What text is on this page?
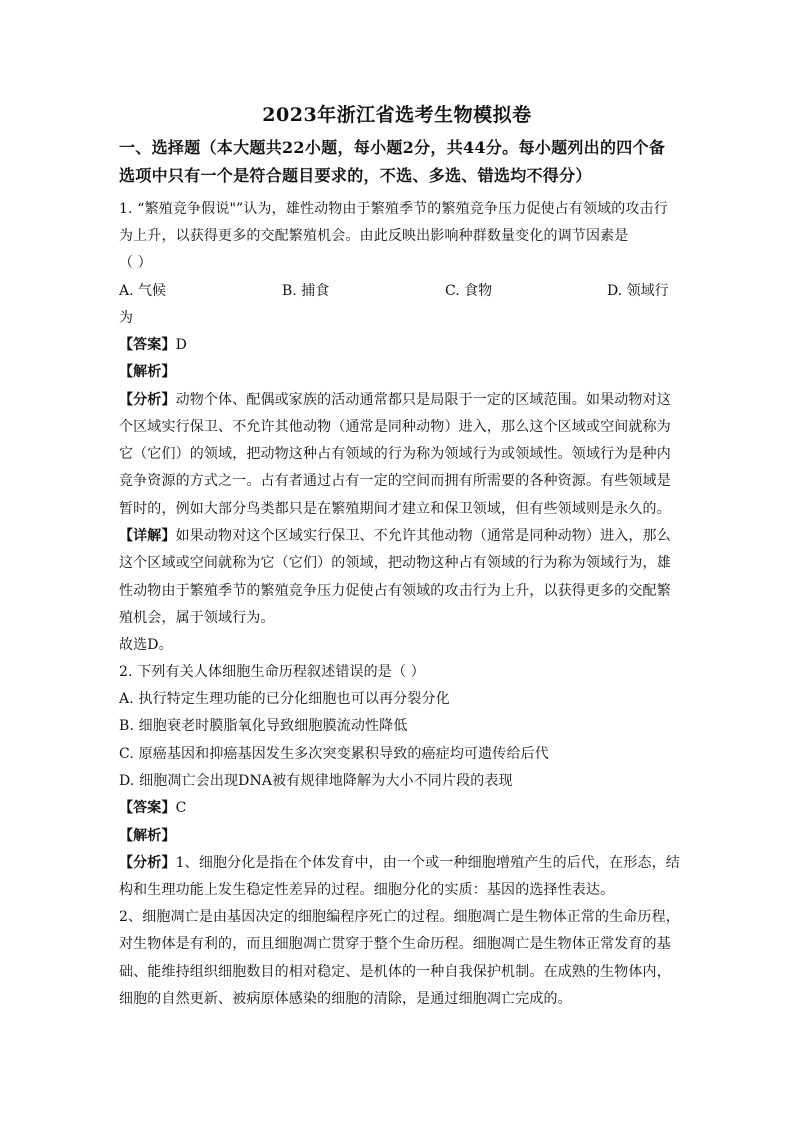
2023年浙江省选考生物模拟卷
一、选择题（本大题共22小题，每小题2分，共44分。每小题列出的四个备
选项中只有一个是符合题目要求的，不选、多选、错选均不得分）
1. “繁殖竞争假说"”认为，雄性动物由于繁殖季节的繁殖竞争压力促使占有领域的攻击行
为上升，以获得更多的交配繁殖机会。由此反映出影响种群数量变化的调节因素是
（ ）
A. 气候	B. 捕食	C. 食物	D. 领域行
为
【答案】D
【解析】
【分析】动物个体、配偶或家族的活动通常都只是局限于一定的区域范围。如果动物对这
个区域实行保卫、不允许其他动物（通常是同种动物）进入，那么这个区域或空间就称为
它（它们）的领域，把动物这种占有领域的行为称为领域行为或领域性。领域行为是种内
竞争资源的方式之一。占有者通过占有一定的空间而拥有所需要的各种资源。有些领域是
暂时的，例如大部分鸟类都只是在繁殖期间才建立和保卫领域，但有些领域则是永久的。
【详解】如果动物对这个区域实行保卫、不允许其他动物（通常是同种动物）进入，那么
这个区域或空间就称为它（它们）的领域，把动物这种占有领域的行为称为领域行为，雄
性动物由于繁殖季节的繁殖竞争压力促使占有领域的攻击行为上升，以获得更多的交配繁
殖机会，属于领域行为。
故选D。
2. 下列有关人体细胞生命历程叙述错误的是（ ）
A. 执行特定生理功能的已分化细胞也可以再分裂分化
B. 细胞衰老时膜脂氧化导致细胞膜流动性降低
C. 原癌基因和抑癌基因发生多次突变累积导致的癌症均可遗传给后代
D. 细胞凋亡会出现DNA被有规律地降解为大小不同片段的表现
【答案】C
【解析】
【分析】1、细胞分化是指在个体发育中，由一个或一种细胞增殖产生的后代，在形态，结
构和生理功能上发生稳定性差异的过程。细胞分化的实质：基因的选择性表达。
2、细胞凋亡是由基因决定的细胞编程序死亡的过程。细胞凋亡是生物体正常的生命历程，
对生物体是有利的，而且细胞凋亡贯穿于整个生命历程。细胞凋亡是生物体正常发育的基
础、能维持组织细胞数目的相对稳定、是机体的一种自我保护机制。在成熟的生物体内，
细胞的自然更新、被病原体感染的细胞的清除，是通过细胞凋亡完成的。
